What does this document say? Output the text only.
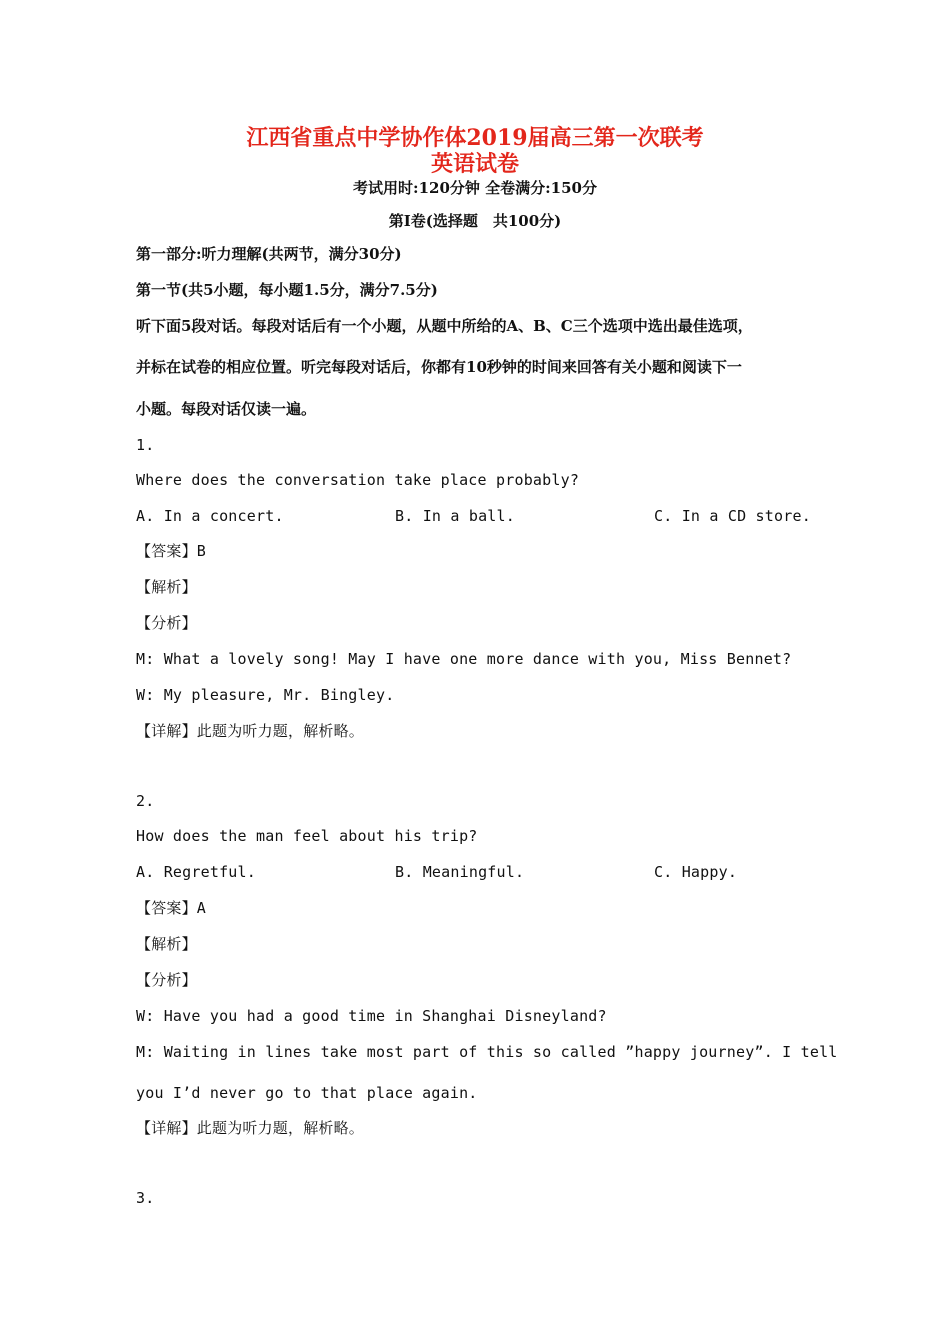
江西省重点中学协作体2019届高三第一次联考
英语试卷
考试用时:120分钟 全卷满分:150分
第Ⅰ卷(选择题　共100分)
第一部分:听力理解(共两节，满分30分)
第一节(共5小题，每小题1.5分，满分7.5分)
听下面5段对话。每段对话后有一个小题，从题中所给的A、B、C三个选项中选出最佳选项，
并标在试卷的相应位置。听完每段对话后，你都有10秒钟的时间来回答有关小题和阅读下一
小题。每段对话仅读一遍。
1.
Where does the conversation take place probably?
A. In a concert.	B. In a ball.	C. In a CD store.
【答案】B
【解析】
【分析】
M: What a lovely song! May I have one more dance with you, Miss Bennet?
W: My pleasure, Mr. Bingley.
【详解】此题为听力题，解析略。
2.
How does the man feel about his trip?
A. Regretful.	B. Meaningful.	C. Happy.
【答案】A
【解析】
【分析】
W: Have you had a good time in Shanghai Disneyland?
M: Waiting in lines take most part of this so called ”happy journey”. I tell
you I’d never go to that place again.
【详解】此题为听力题，解析略。
3.
